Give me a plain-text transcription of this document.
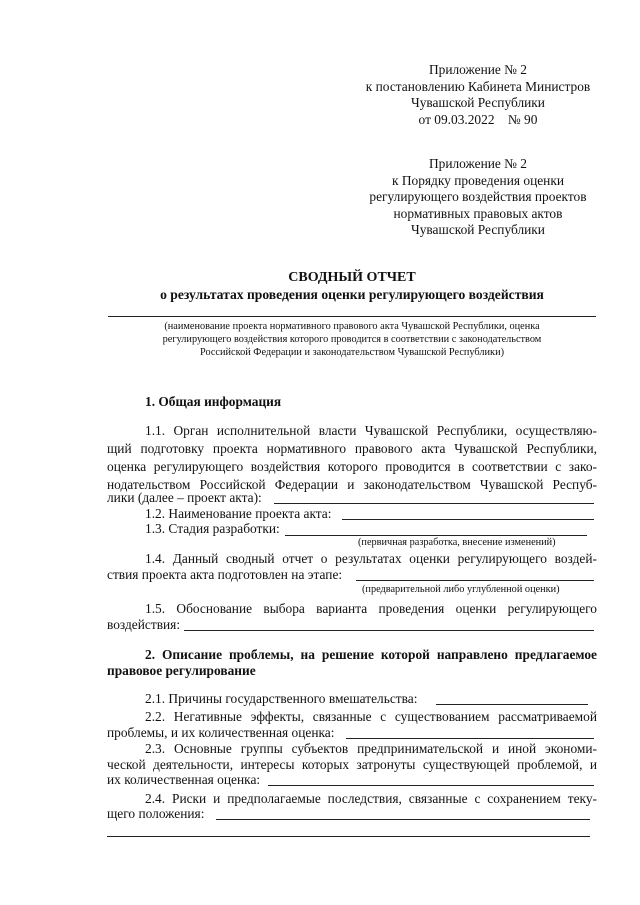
Приложение № 2
к постановлению Кабинета Министров
Чувашской Республики
от 09.03.2022    № 90
Приложение № 2
к Порядку проведения оценки
регулирующего воздействия проектов
нормативных правовых актов
Чувашской Республики
СВОДНЫЙ ОТЧЕТ
о результатах проведения оценки регулирующего воздействия
(наименование проекта нормативного правового акта Чувашской Республики, оценка
регулирующего воздействия которого проводится в соответствии с законодательством
Российской Федерации и законодательством Чувашской Республики)
1. Общая информация
1.1. Орган исполнительной власти Чувашской Республики, осуществляю-
щий подготовку проекта нормативного правового акта Чувашской Республики,
оценка регулирующего воздействия которого проводится в соответствии с зако-
нодательством Российской Федерации и законодательством Чувашской Респуб-
лики (далее – проект акта):
1.2. Наименование проекта акта:
1.3. Стадия разработки:
(первичная разработка, внесение изменений)
1.4. Данный сводный отчет о результатах оценки регулирующего воздей-
ствия проекта акта подготовлен на этапе:
(предварительной либо углубленной оценки)
1.5. Обоснование выбора варианта проведения оценки регулирующего
воздействия:
2. Описание проблемы, на решение которой направлено предлагаемое
правовое регулирование
2.1. Причины государственного вмешательства:
2.2. Негативные эффекты, связанные с существованием рассматриваемой
проблемы, и их количественная оценка:
2.3. Основные группы субъектов предпринимательской и иной экономи-
ческой деятельности, интересы которых затронуты существующей проблемой, и
их количественная оценка:
2.4. Риски и предполагаемые последствия, связанные с сохранением теку-
щего положения:
